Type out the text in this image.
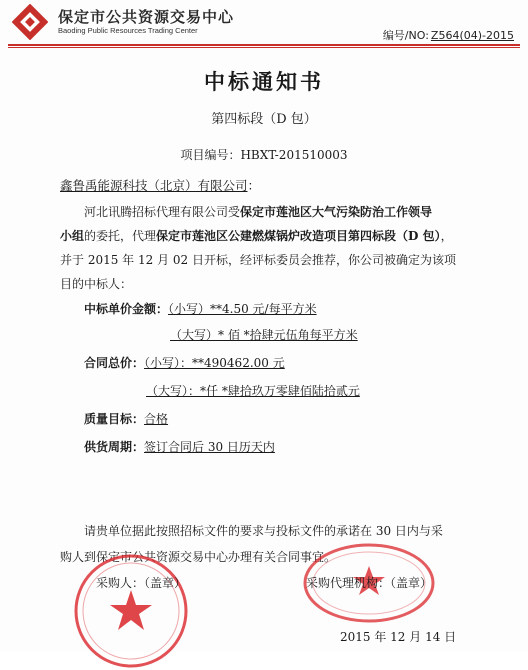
保定市公共资源交易中心
Baoding Public Resources Trading Center	编号/NO: Z564(04)-2015
中标通知书
第四标段（D 包）
项目编号：HBXT-201510003
鑫鲁禹能源科技（北京）有限公司：
河北讯腾招标代理有限公司受保定市莲池区大气污染防治工作领导
小组的委托，代理保定市莲池区公建燃煤锅炉改造项目第四标段（D 包），
并于 2015 年 12 月 02 日开标，经评标委员会推荐，你公司被确定为该项
目的中标人：
中标单价金额：（小写）**4.50 元/每平方米
（大写）* 佰 *拾肆元伍角每平方米
合同总价：（小写）：**490462.00 元
（大写）：*仟 *肆拾玖万零肆佰陆拾贰元
质量目标：合格
供货周期：签订合同后 30 日历天内
请贵单位据此按照招标文件的要求与投标文件的承诺在 30 日内与采
购人到保定市公共资源交易中心办理有关合同事宜。
采购人：（盖章）	采购代理机构：（盖章）
2015 年 12 月 14 日
